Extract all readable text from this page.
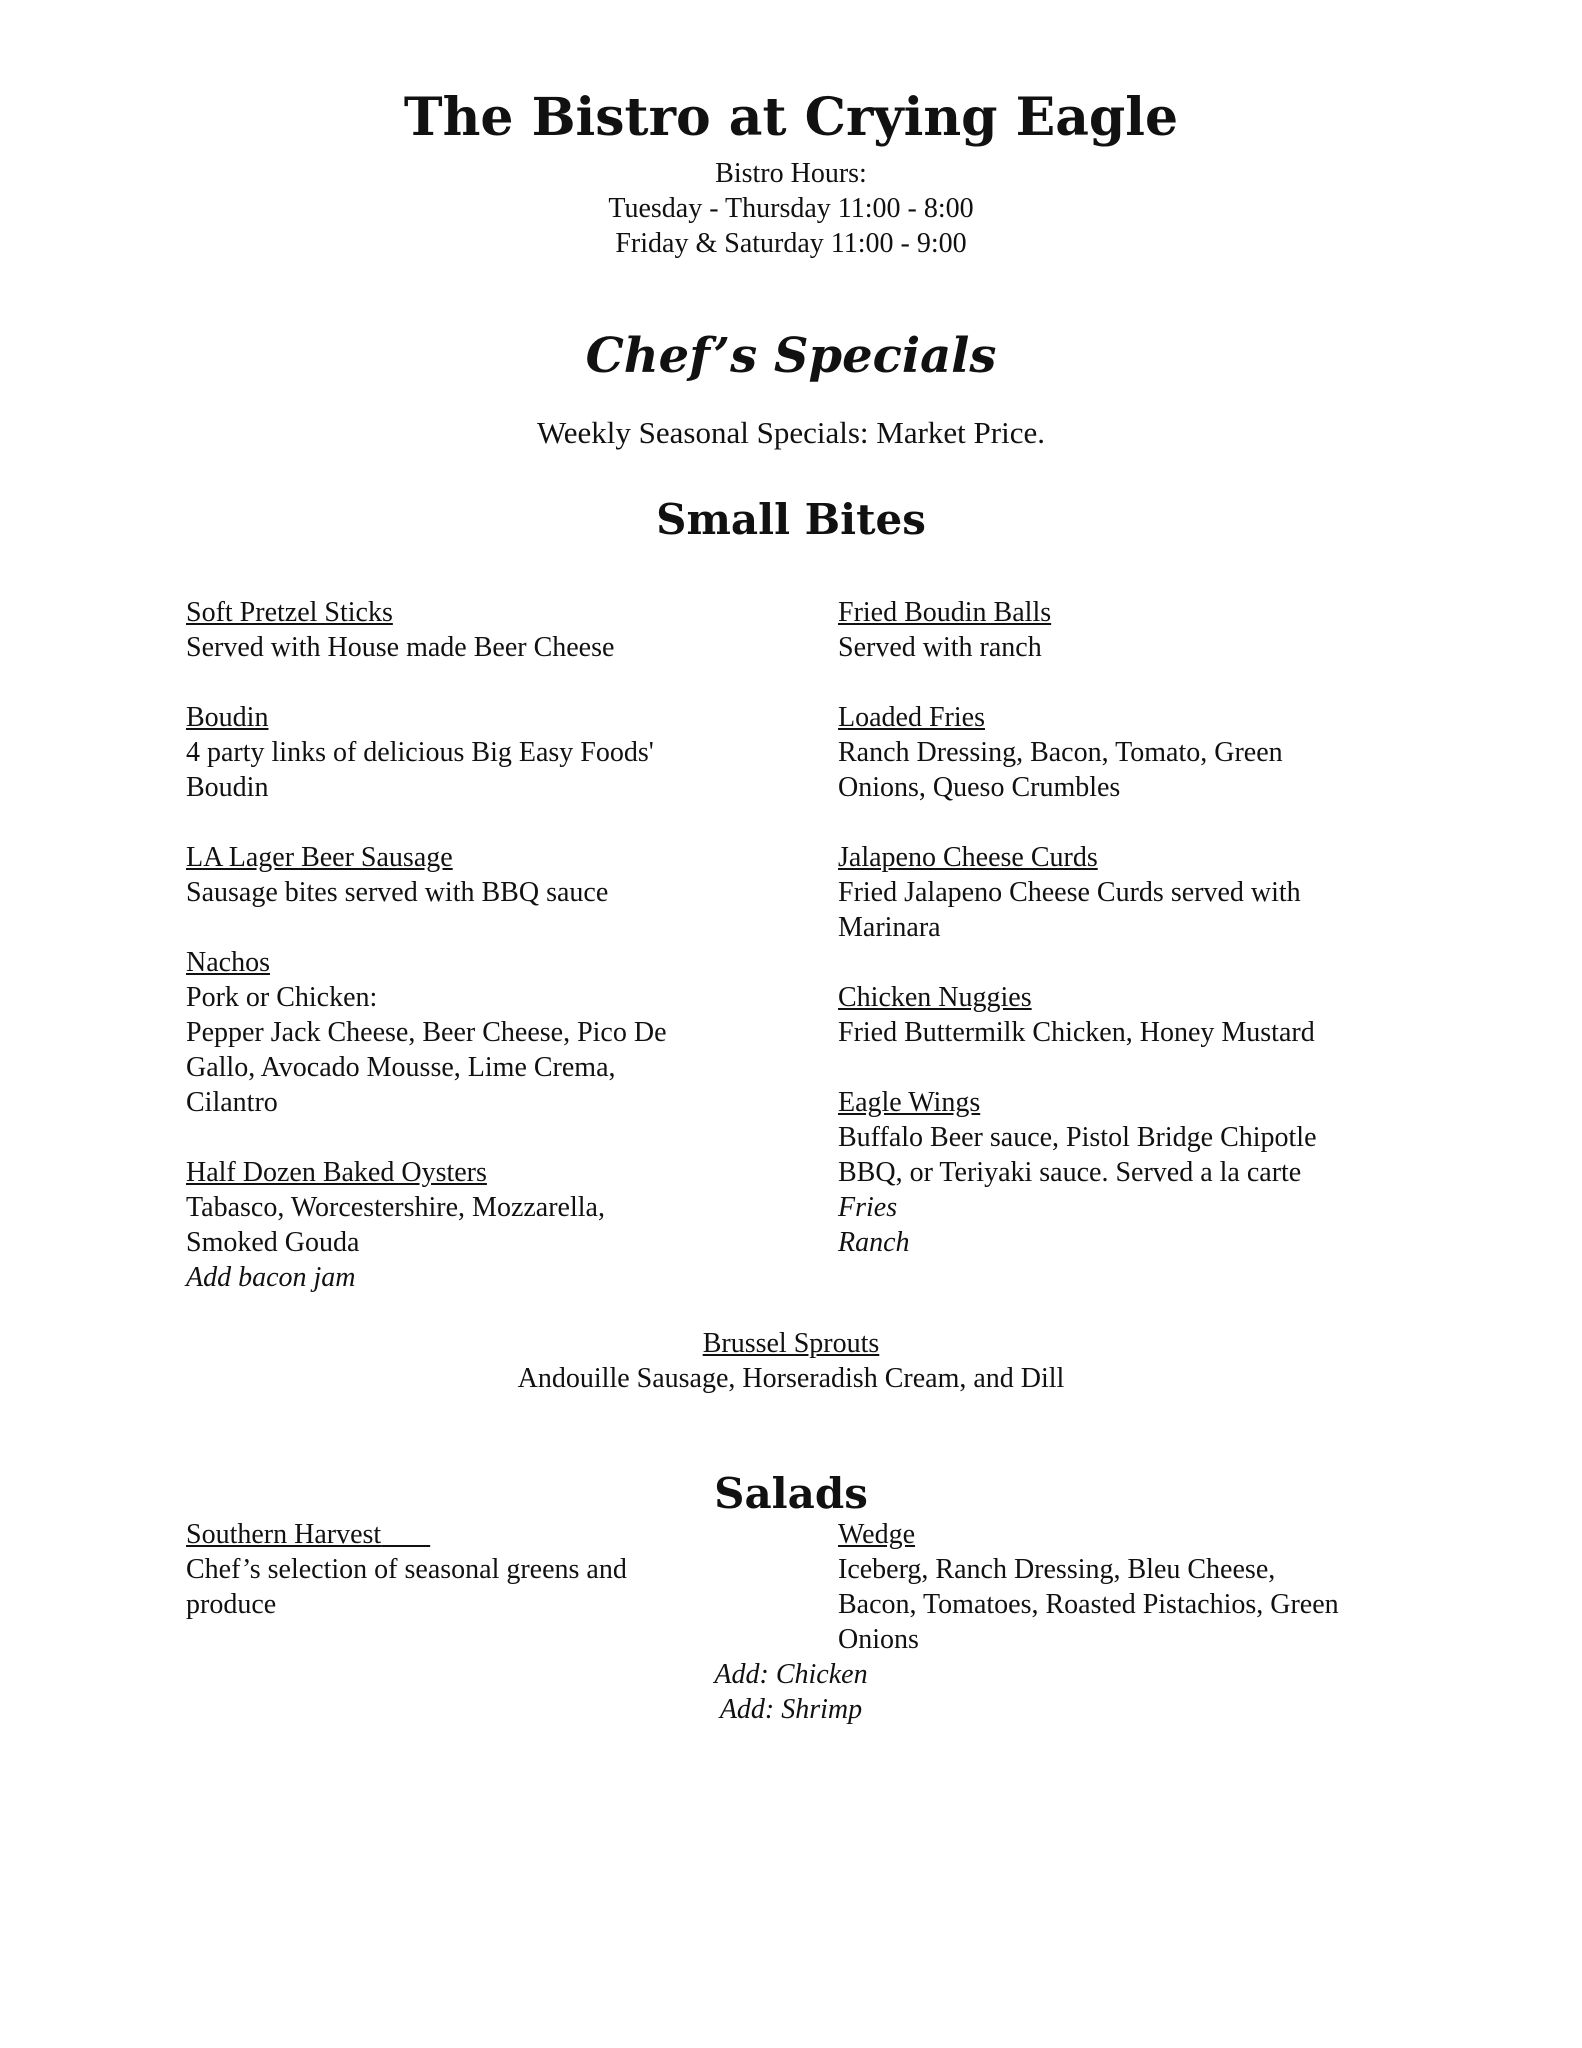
The Bistro at Crying Eagle
Bistro Hours:
Tuesday - Thursday 11:00 - 8:00
Friday & Saturday 11:00 - 9:00
Chef’s Specials
Weekly Seasonal Specials: Market Price.
Small Bites
Soft Pretzel Sticks
Served with House made Beer Cheese
Boudin
4 party links of delicious Big Easy Foods'
Boudin
LA Lager Beer Sausage
Sausage bites served with BBQ sauce
Nachos
Pork or Chicken:
Pepper Jack Cheese, Beer Cheese, Pico De
Gallo, Avocado Mousse, Lime Crema,
Cilantro
Half Dozen Baked Oysters
Tabasco, Worcestershire, Mozzarella,
Smoked Gouda
Add bacon jam
Fried Boudin Balls
Served with ranch
Loaded Fries
Ranch Dressing, Bacon, Tomato, Green
Onions, Queso Crumbles
Jalapeno Cheese Curds
Fried Jalapeno Cheese Curds served with
Marinara
Chicken Nuggies
Fried Buttermilk Chicken, Honey Mustard
Eagle Wings
Buffalo Beer sauce, Pistol Bridge Chipotle
BBQ, or Teriyaki sauce. Served a la carte
Fries
Ranch
Brussel Sprouts
Andouille Sausage, Horseradish Cream, and Dill
Salads
Southern Harvest
Chef’s selection of seasonal greens and
produce
Wedge
Iceberg, Ranch Dressing, Bleu Cheese,
Bacon, Tomatoes, Roasted Pistachios, Green
Onions
Add: Chicken
Add: Shrimp
